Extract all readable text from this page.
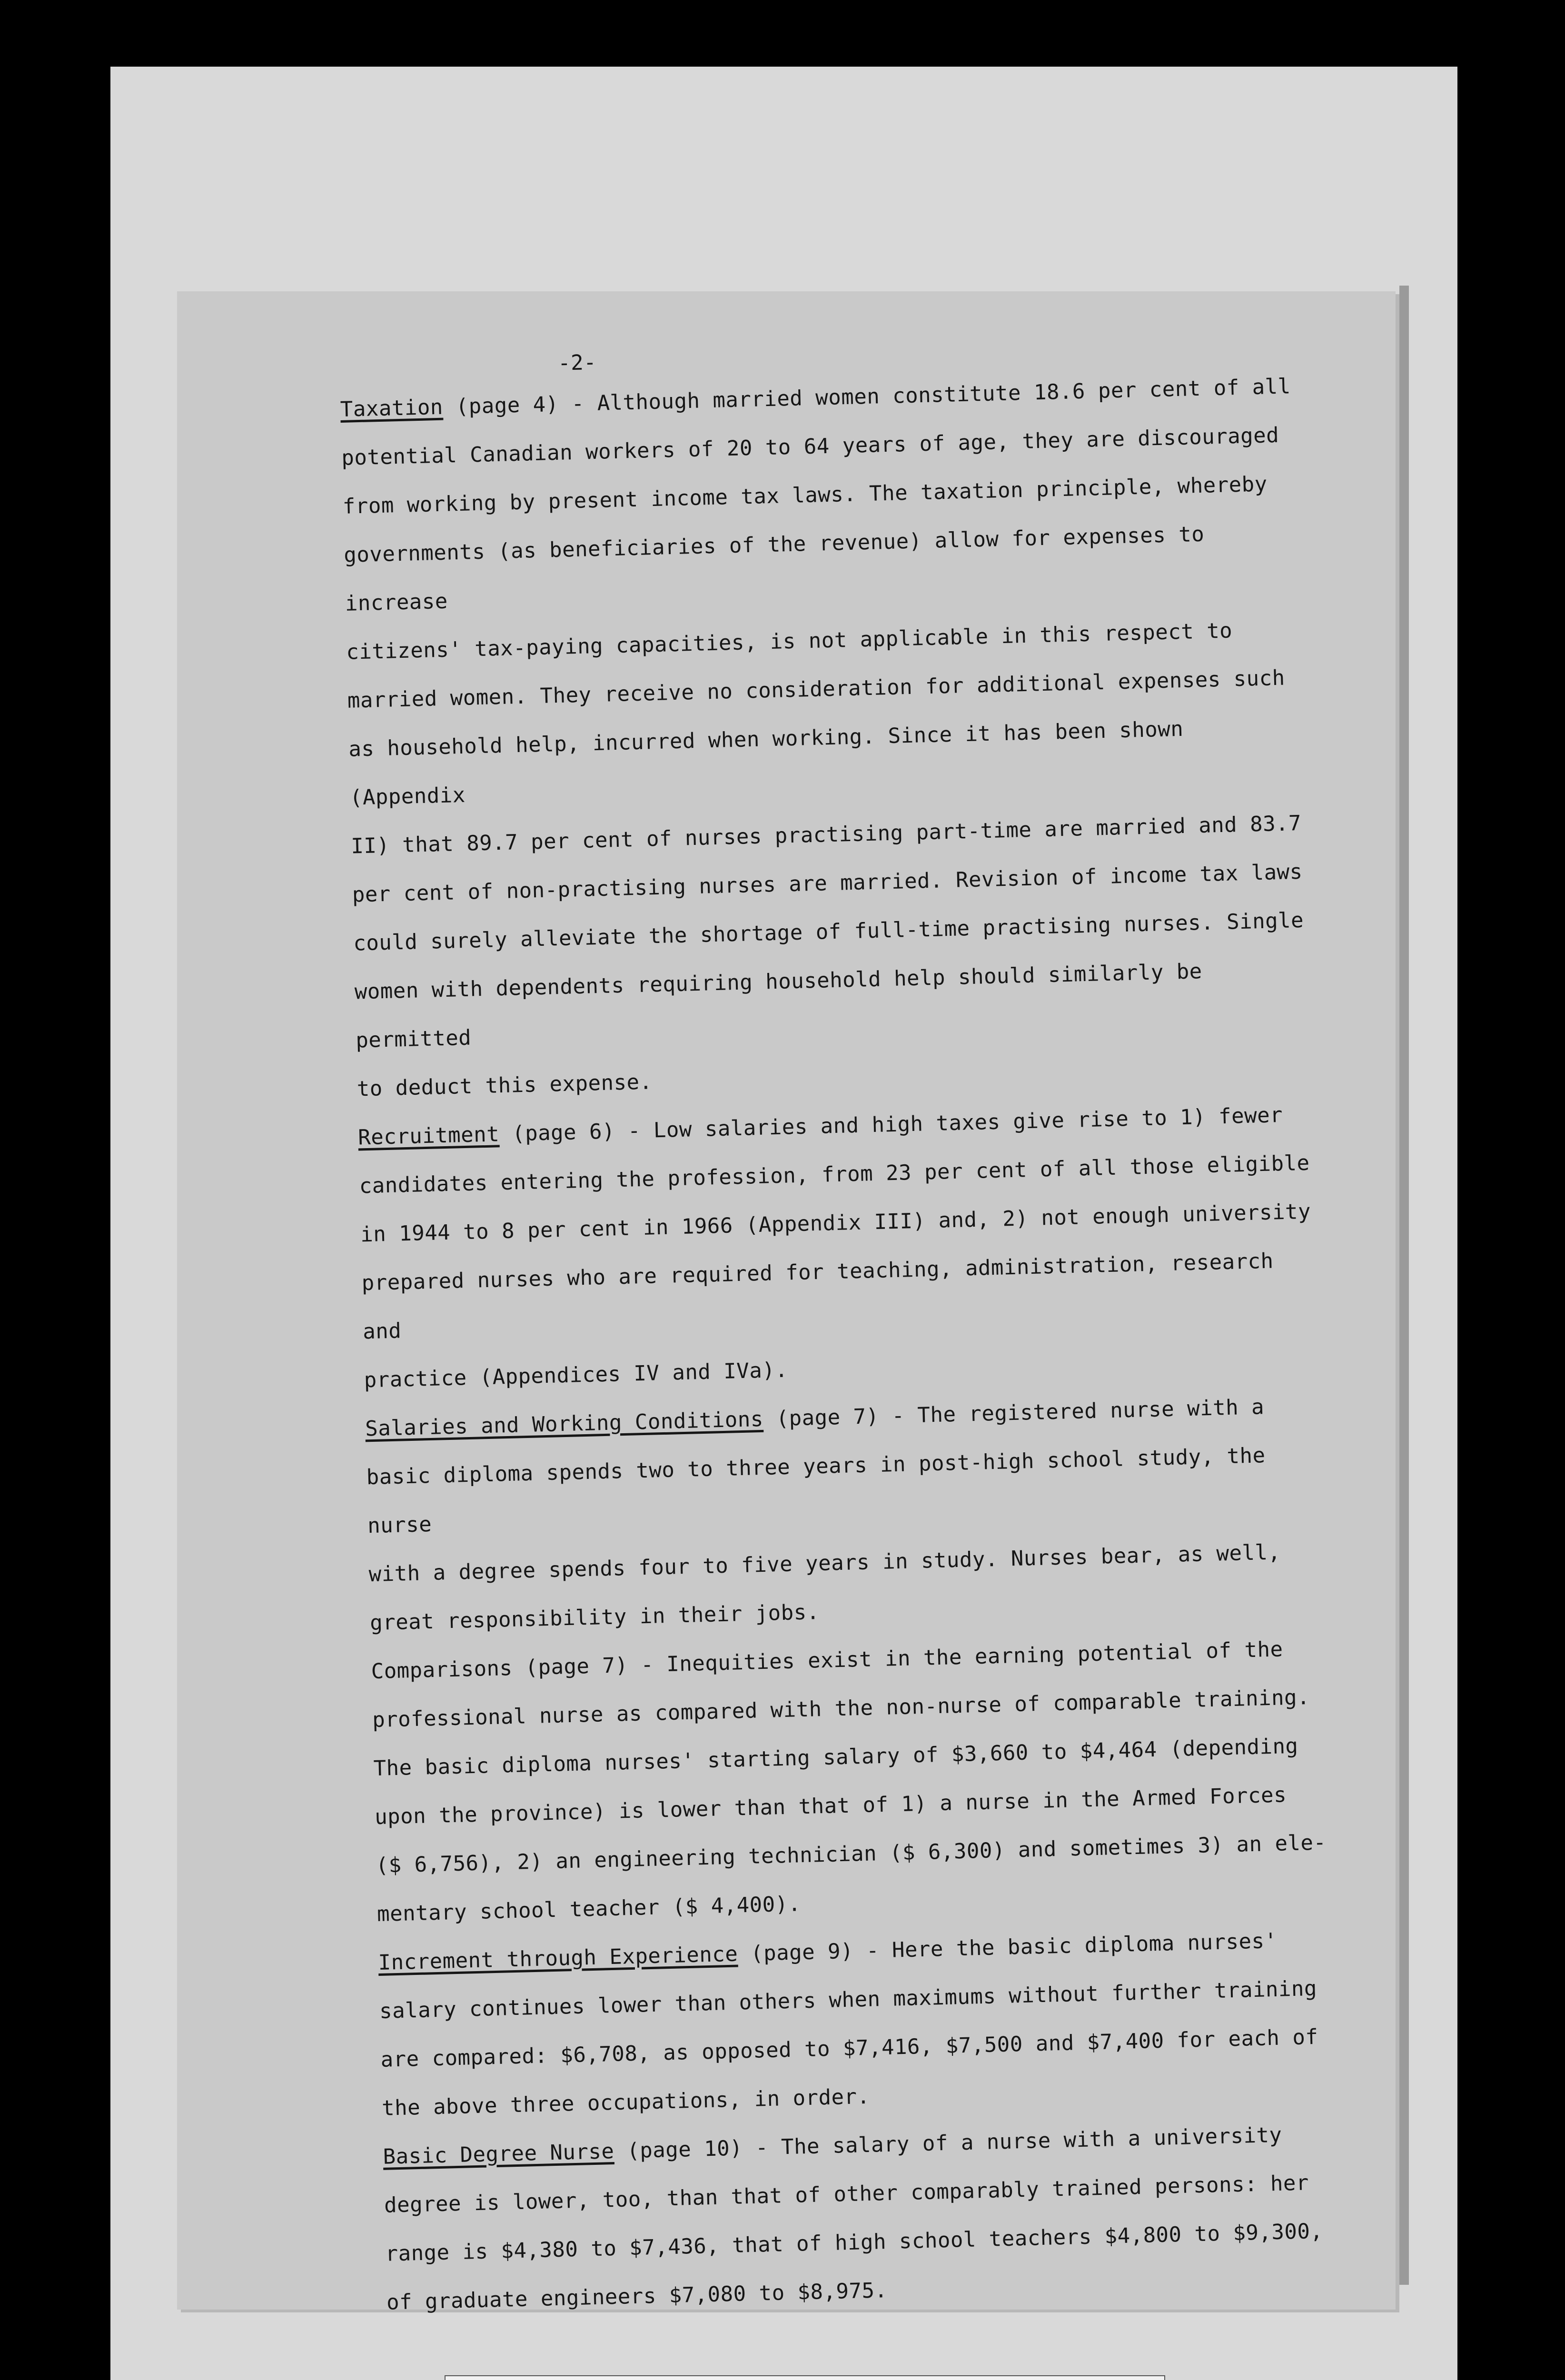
-2-

Taxation (page 4) - Although married women constitute 18.6 per cent of all
potential Canadian workers of 20 to 64 years of age, they are discouraged
from working by present income tax laws. The taxation principle, whereby
governments (as beneficiaries of the revenue) allow for expenses to increase
citizens' tax-paying capacities, is not applicable in this respect to
married women. They receive no consideration for additional expenses such
as household help, incurred when working. Since it has been shown (Appendix
II) that 89.7 per cent of nurses practising part-time are married and 83.7
per cent of non-practising nurses are married. Revision of income tax laws
could surely alleviate the shortage of full-time practising nurses. Single
women with dependents requiring household help should similarly be permitted
to deduct this expense.

Recruitment (page 6) - Low salaries and high taxes give rise to 1) fewer
candidates entering the profession, from 23 per cent of all those eligible
in 1944 to 8 per cent in 1966 (Appendix III) and, 2) not enough university
prepared nurses who are required for teaching, administration, research and
practice (Appendices IV and IVa).

Salaries and Working Conditions (page 7) - The registered nurse with a
basic diploma spends two to three years in post-high school study, the nurse
with a degree spends four to five years in study. Nurses bear, as well,
great responsibility in their jobs.

Comparisons (page 7) - Inequities exist in the earning potential of the
professional nurse as compared with the non-nurse of comparable training.
The basic diploma nurses' starting salary of $3,660 to $4,464 (depending
upon the province) is lower than that of 1) a nurse in the Armed Forces
($ 6,756), 2) an engineering technician ($ 6,300) and sometimes 3) an ele-
mentary school teacher ($ 4,400).

Increment through Experience (page 9) - Here the basic diploma nurses'
salary continues lower than others when maximums without further training
are compared: $6,708, as opposed to $7,416, $7,500 and $7,400 for each of
the above three occupations, in order.

Basic Degree Nurse (page 10) - The salary of a nurse with a university
degree is lower, too, than that of other comparably trained persons: her
range is $4,380 to $7,436, that of high school teachers $4,800 to $9,300,
of graduate engineers $7,080 to $8,975.
